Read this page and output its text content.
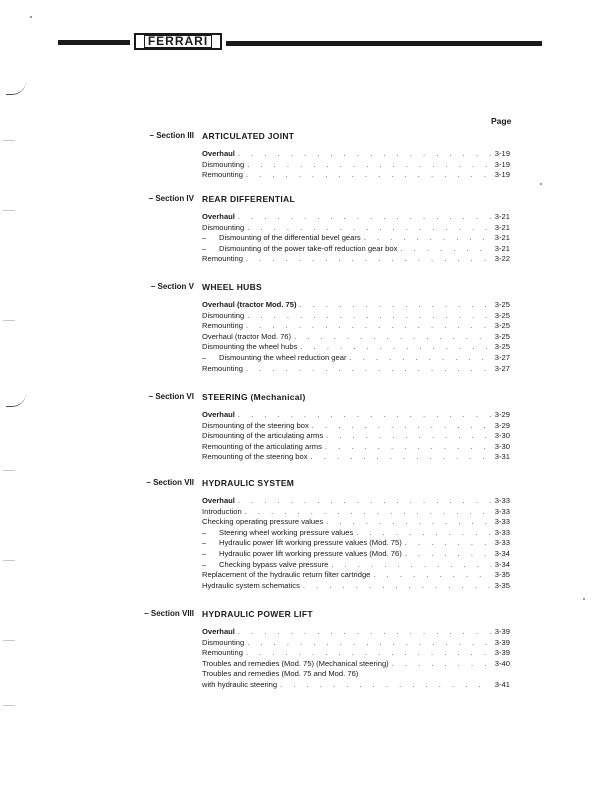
FERRARI
Page
– Section III ARTICULATED JOINT
Overhaul . . .	3-19
Dismounting . . .	3-19
Remounting . . .	3-19
– Section IV REAR DIFFERENTIAL
Overhaul . . .	3-21
Dismounting . . .	3-21
– Dismounting of the differential bevel gears . . .	3-21
– Dismounting of the power take-off reduction gear box . . .	3-21
Remounting . . .	3-22
– Section V WHEEL HUBS
Overhaul (tractor Mod. 75) . . .	3-25
Dismounting . . .	3-25
Remounting . . .	3-25
Overhaul (tractor Mod. 76) . . .	3-25
Dismounting the wheel hubs . . .	3-25
– Dismounting the wheel reduction gear . . .	3-27
Remounting . . .	3-27
– Section VI STEERING (Mechanical)
Overhaul . . .	3-29
Dismounting of the steering box . . .	3-29
Dismounting of the articulating arms . . .	3-30
Remounting of the articulating arms . . .	3-30
Remounting of the steering box . . .	3-31
– Section VII HYDRAULIC SYSTEM
Overhaul . . .	3-33
Introduction . . .	3-33
Checking operating pressure values . . .	3-33
– Steering wheel working pressure values . . .	3-33
– Hydraulic power lift working pressure values (Mod. 75) . . .	3-33
– Hydraulic power lift working pressure values (Mod. 76) . . .	3-34
– Checking bypass valve pressure . . .	3-34
Replacement of the hydraulic return filter cartridge . . .	3-35
Hydraulic system schematics . . .	3-35
– Section VIII HYDRAULIC POWER LIFT
Overhaul . . .	3-39
Dismounting . . .	3-39
Remounting . . .	3-39
Troubles and remedies (Mod. 75) (Mechanical steering) . . .	3-40
Troubles and remedies (Mod. 75 and Mod. 76)
with hydraulic steering . . .	3-41
